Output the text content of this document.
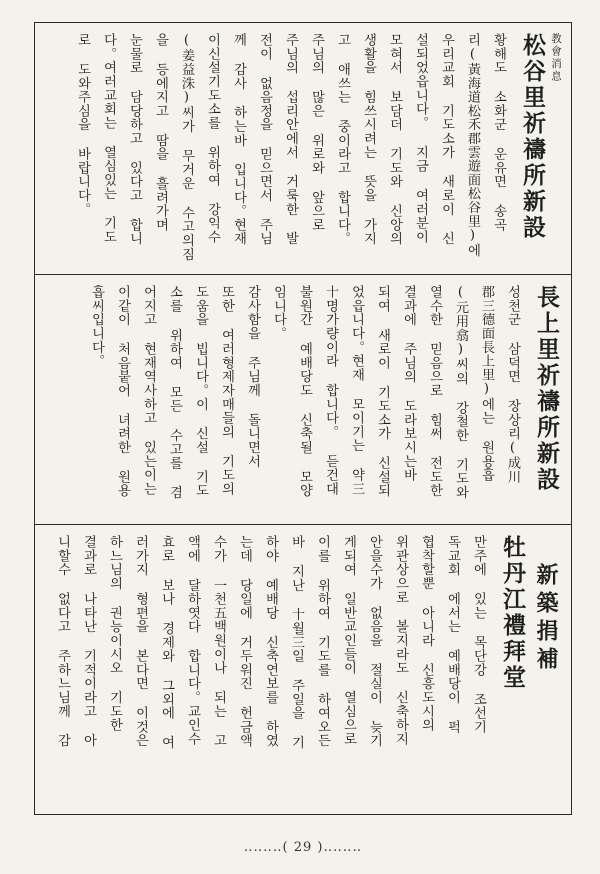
教會消息
松谷里祈禱所新設
황해도 소화군 운유면 송곡
리(黃海道松禾郡雲遊面松谷里)에
우리교회 기도소가 새로이 신
설되었읍니다。 지금 여러분이
모혀서 보담더 기도와 신앙의
생활을 힘쓰시려는 뜻을 가지
고 애쓰는 중이라고 합니다。
주님의 많은 위로와 앞으로
주님의 섭리안에서 거룩한 발
전이 없음정을 믿으면서 주님
께 감사 하는바 입니다。현재
이신설기도소를 위하여 강익수
(姜益洙)씨가 무거운 수고의짐
을 등에지고 땀을 흘려가며
눈물로 담당하고 있다고 합니
다。여러교회는 열심있는 기도
로 도와주심을 바랍니다。
長上里祈禱所新設
성천군 삼덕면 장상리(成川
郡三德面長上里)에는 원용흡
(元用翕)씨의 강철한 기도와
열수한 믿음으로 힘써 전도한
결과에 주님의 도라보시는바
되여 새로이 기도소가 신설되
었읍니다。현재 모이기는 약三
十명가량이라 합니다。 듣건대
불원간 예배당도 신축될 모양
임니다。
감사함을 주님께 돌니면서
또한 여러형제자매들의 기도의
도움을 빕니다。이 신설 기도
소를 위하여 모든 수고를 겸
어지고 현재역사하고 있는이는
이같이 처음붙어 녀려한 원용
흡씨입니다。
新築捐補
牡丹江禮拜堂
만주에 있는 목단강 조선기
독교회 에서는 예배당이 퍽
협착할뿐 아니라 신흥도시의
위관상으로 볼지라도 신축하지
안을수가 없음을 절실이 늦기
게되여 일반교인들이 열심으로
이를 위하여 기도를 하여오든
바 지난 十월三일 주일을 기
하야 예배당 신축연보를 하였
는데 당일에 거두워진 헌금액
수가 一천五백원이나 되는 고
액에 달하엿다 합니다。교인수
효로 보나 경제와 그외에 여
러가지 형편을 본다면 이것은
하느님의 권능이시오 기도한
결과로 나타난 기적이라고 아
니할수 없다고 주하느님께 감
‥‥‥‥( 29 )‥‥‥‥
